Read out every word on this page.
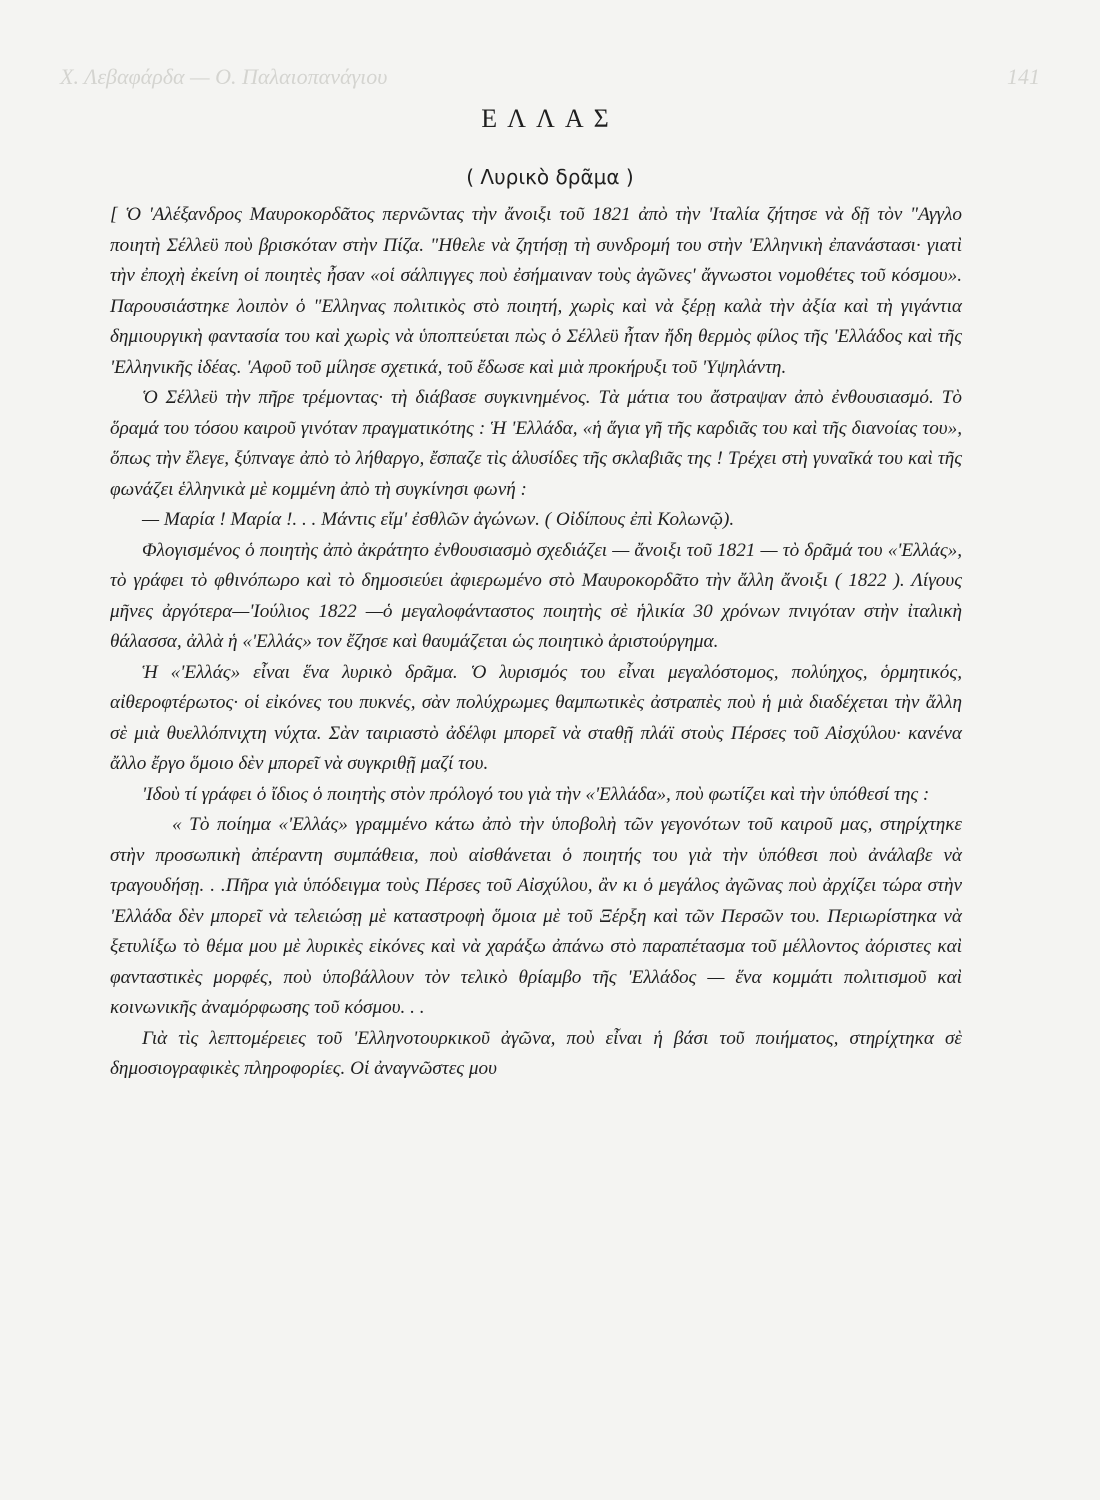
Χ. Λεβαφάρδα — Ο. Παλαιοπανάγιου	141
ΕΛΛΑΣ
( Λυρικὸ δρᾶμα )

[ Ὁ 'Αλέξανδρος Μαυροκορδᾶτος περνῶντας τὴν ἄνοιξι τοῦ 1821 ἀπὸ τὴν 'Ιταλία ζήτησε νὰ δῇ τὸν "Αγγλο ποιητὴ Σέλλεϋ ποὺ βρισκόταν στὴν Πίζα. "Ηθελε νὰ ζητήσῃ τὴ συνδρομή του στὴν 'Ελληνικὴ ἐπανάστασι· γιατὶ τὴν ἐποχὴ ἐκείνη οἱ ποιητὲς ἦσαν «οἱ σάλπιγγες ποὺ ἐσήμαιναν τοὺς ἀγῶνες' ἄγνωστοι νομοθέτες τοῦ κόσμου». Παρουσιάστηκε λοιπὸν ὁ "Ελληνας πολιτικὸς στὸ ποιητή, χωρὶς καὶ νὰ ξέρῃ καλὰ τὴν ἀξία καὶ τὴ γιγάντια δημιουργικὴ φαντασία του καὶ χωρὶς νὰ ὑποπτεύεται πὼς ὁ Σέλλεϋ ἦταν ἤδη θερμὸς φίλος τῆς 'Ελλάδος καὶ τῆς 'Ελληνικῆς ἰδέας. 'Αφοῦ τοῦ μίλησε σχετικά, τοῦ ἔδωσε καὶ μιὰ προκήρυξι τοῦ 'Υψηλάντη.

Ὁ Σέλλεϋ τὴν πῆρε τρέμοντας· τὴ διάβασε συγκινημένος. Τὰ μάτια του ἄστραψαν ἀπὸ ἐνθουσιασμό. Τὸ ὅραμά του τόσου καιροῦ γινόταν πραγματικότης : Ἡ 'Ελλάδα, «ἡ ἅγια γῆ τῆς καρδιᾶς του καὶ τῆς διανοίας του», ὅπως τὴν ἔλεγε, ξύπναγε ἀπὸ τὸ λήθαργο, ἔσπαζε τὶς ἁλυσίδες τῆς σκλαβιᾶς της ! Τρέχει στὴ γυναῖκά του καὶ τῆς φωνάζει ἑλληνικὰ μὲ κομμένη ἀπὸ τὴ συγκίνησι φωνή :

— Μαρία ! Μαρία !. . . Μάντις εἴμ' ἐσθλῶν ἀγώνων. ( Οἰδίπους ἐπὶ Κολωνῷ).

Φλογισμένος ὁ ποιητὴς ἀπὸ ἀκράτητο ἐνθουσιασμὸ σχεδιάζει — ἄνοιξι τοῦ 1821 — τὸ δρᾶμά του «'Ελλάς», τὸ γράφει τὸ φθινόπωρο καὶ τὸ δημοσιεύει ἀφιερωμένο στὸ Μαυροκορδᾶτο τὴν ἄλλη ἄνοιξι ( 1822 ). Λίγους μῆνες ἀργότερα—'Ιούλιος 1822 —ὁ μεγαλοφάνταστος ποιητὴς σὲ ἡλικία 30 χρόνων πνιγόταν στὴν ἰταλικὴ θάλασσα, ἀλλὰ ἡ «'Ελλάς» τον ἔζησε καὶ θαυμάζεται ὡς ποιητικὸ ἀριστούργημα.

Ἡ «'Ελλάς» εἶναι ἕνα λυρικὸ δρᾶμα. Ὁ λυρισμός του εἶναι μεγαλόστομος, πολύηχος, ὁρμητικός, αἰθεροφτέρωτος· οἱ εἰκόνες του πυκνές, σὰν πολύχρωμες θαμπωτικὲς ἀστραπὲς ποὺ ἡ μιὰ διαδέχεται τὴν ἄλλη σὲ μιὰ θυελλόπνιχτη νύχτα. Σὰν ταιριαστὸ ἀδέλφι μπορεῖ νὰ σταθῇ πλάϊ στοὺς Πέρσες τοῦ Αἰσχύλου· κανένα ἄλλο ἔργο ὅμοιο δὲν μπορεῖ νὰ συγκριθῇ μαζί του.

'Ιδοὺ τί γράφει ὁ ἴδιος ὁ ποιητὴς στὸν πρόλογό του γιὰ τὴν «'Ελλάδα», ποὺ φωτίζει καὶ τὴν ὑπόθεσί της :

« Τὸ ποίημα «'Ελλάς» γραμμένο κάτω ἀπὸ τὴν ὑποβολὴ τῶν γεγονότων τοῦ καιροῦ μας, στηρίχτηκε στὴν προσωπικὴ ἀπέραντη συμπάθεια, ποὺ αἰσθάνεται ὁ ποιητής του γιὰ τὴν ὑπόθεσι ποὺ ἀνάλαβε νὰ τραγουδήσῃ. . .Πῆρα γιὰ ὑπόδειγμα τοὺς Πέρσες τοῦ Αἰσχύλου, ἂν κι ὁ μεγάλος ἀγῶνας ποὺ ἀρχίζει τώρα στὴν 'Ελλάδα δὲν μπορεῖ νὰ τελειώσῃ μὲ καταστροφὴ ὅμοια μὲ τοῦ Ξέρξη καὶ τῶν Περσῶν του. Περιωρίστηκα νὰ ξετυλίξω τὸ θέμα μου μὲ λυρικὲς εἰκόνες καὶ νὰ χαράξω ἀπάνω στὸ παραπέτασμα τοῦ μέλλοντος ἀόριστες καὶ φανταστικὲς μορφές, ποὺ ὑποβάλλουν τὸν τελικὸ θρίαμβο τῆς 'Ελλάδος — ἕνα κομμάτι πολιτισμοῦ καὶ κοινωνικῆς ἀναμόρφωσης τοῦ κόσμου. . .

Γιὰ τὶς λεπτομέρειες τοῦ 'Ελληνοτουρκικοῦ ἀγῶνα, ποὺ εἶναι ἡ βάσι τοῦ ποιήματος, στηρίχτηκα σὲ δημοσιογραφικὲς πληροφορίες. Οἱ ἀναγνῶστες μου
